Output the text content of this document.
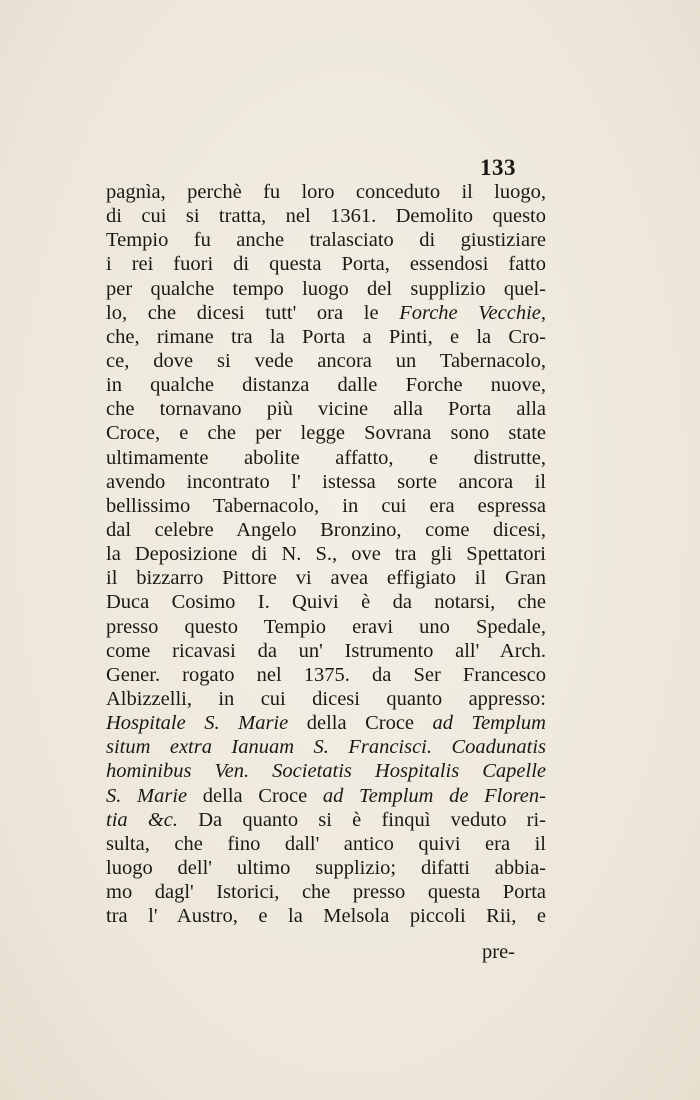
133
pagnìa, perchè fu loro conceduto il luogo,
di cui si tratta, nel 1361. Demolito questo
Tempio fu anche tralasciato di giustiziare
i rei fuori di questa Porta, essendosi fatto
per qualche tempo luogo del supplizio quel-
lo, che dicesi tutt' ora le Forche Vecchie,
che, rimane tra la Porta a Pinti, e la Cro-
ce, dove si vede ancora un Tabernacolo,
in qualche distanza dalle Forche nuove,
che tornavano più vicine alla Porta alla
Croce, e che per legge Sovrana sono state
ultimamente abolite affatto, e distrutte,
avendo incontrato l' istessa sorte ancora il
bellissimo Tabernacolo, in cui era espressa
dal celebre Angelo Bronzino, come dicesi,
la Deposizione di N. S., ove tra gli Spettatori
il bizzarro Pittore vi avea effigiato il Gran
Duca Cosimo I. Quivi è da notarsi, che
presso questo Tempio eravi uno Spedale,
come ricavasi da un' Istrumento all' Arch.
Gener. rogato nel 1375. da Ser Francesco
Albizzelli, in cui dicesi quanto appresso:
Hospitale S. Marie della Croce ad Templum
situm extra Ianuam S. Francisci. Coadunatis
hominibus Ven. Societatis Hospitalis Capelle
S. Marie della Croce ad Templum de Floren-
tia &c. Da quanto si è finquì veduto ri-
sulta, che fino dall' antico quivi era il
luogo dell' ultimo supplizio; difatti abbia-
mo dagl' Istorici, che presso questa Porta
tra l' Austro, e la Melsola piccoli Rii, e
pre-
